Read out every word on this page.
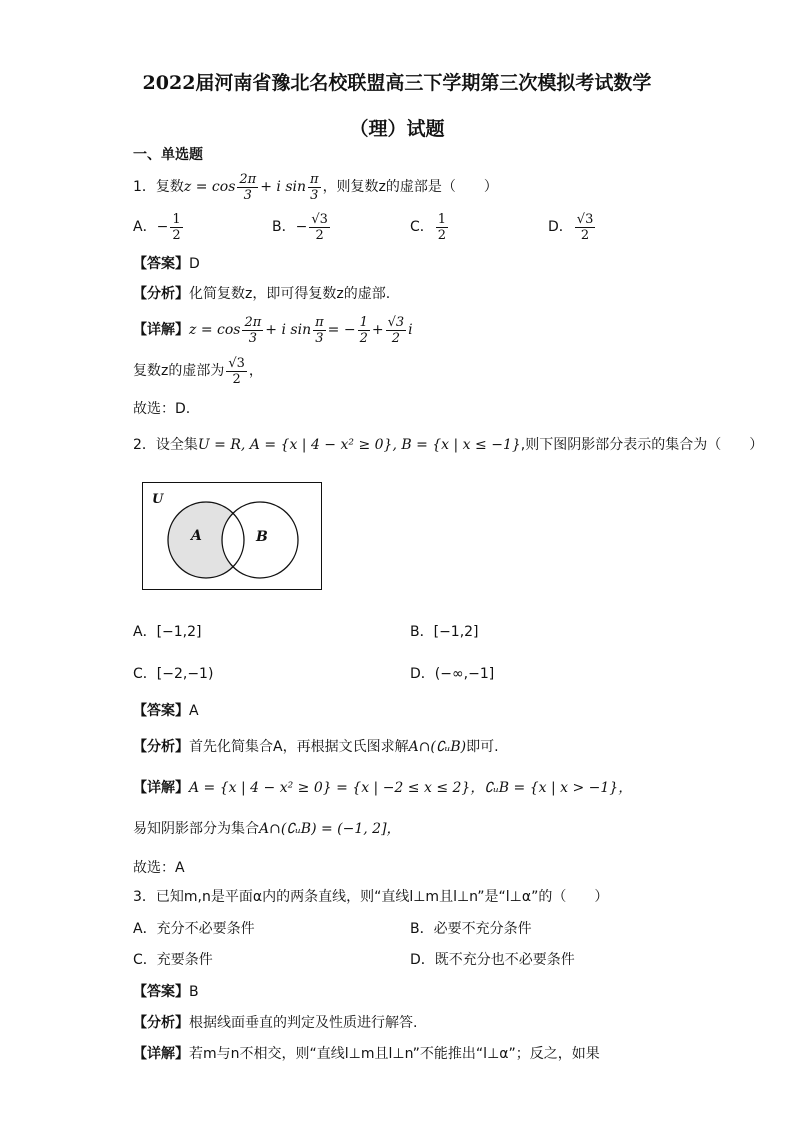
2022届河南省豫北名校联盟高三下学期第三次模拟考试数学
（理）试题
一、单选题
1．复数$z = \cos \frac{2\pi}{3} + i$ $\sin \frac{\pi}{3}$ ，则复数z的虚部是（　　）
A．− $\frac{1}{2}$	B．− $\frac{√3}{2}$	C． $\frac{1}{2}$	D． $\frac{√3}{2}$
【答案】D
【分析】化简复数z，即可得复数z的虚部.
【详解】$z = \cos \frac{2\pi}{3} + i$ $\sin \frac{\pi}{3}$ = − $\frac{1}{2} + \frac{√3}{2}$ i
复数z的虚部为 $\frac{√3}{2}$ ，
故选：D.
2．设全集U = R, A = {x | 4 − x² ≥ 0}, B = {x | x ≤ −1},则下图阴影部分表示的集合为（　　）
U
A	B
A．[−1,2]	B．[−1,2]
C．[−2,−1)	D．(−∞,−1]
【答案】A
【分析】首先化简集合A，再根据文氏图求解A∩(∁ᵤB)即可.
【详解】A = {x | 4 − x² ≥ 0} = {x | −2 ≤ x ≤ 2}，∁ᵤB = {x | x > −1}，
易知阴影部分为集合A∩(∁ᵤB) = (−1, 2]，
故选：A
3．已知m,n是平面α内的两条直线，则“直线l⊥m且l⊥n”是“l⊥α”的（　　）
A．充分不必要条件	B．必要不充分条件
C．充要条件	D．既不充分也不必要条件
【答案】B
【分析】根据线面垂直的判定及性质进行解答.
【详解】若m与n不相交，则“直线l⊥m且l⊥n”不能推出“l⊥α”；反之，如果
